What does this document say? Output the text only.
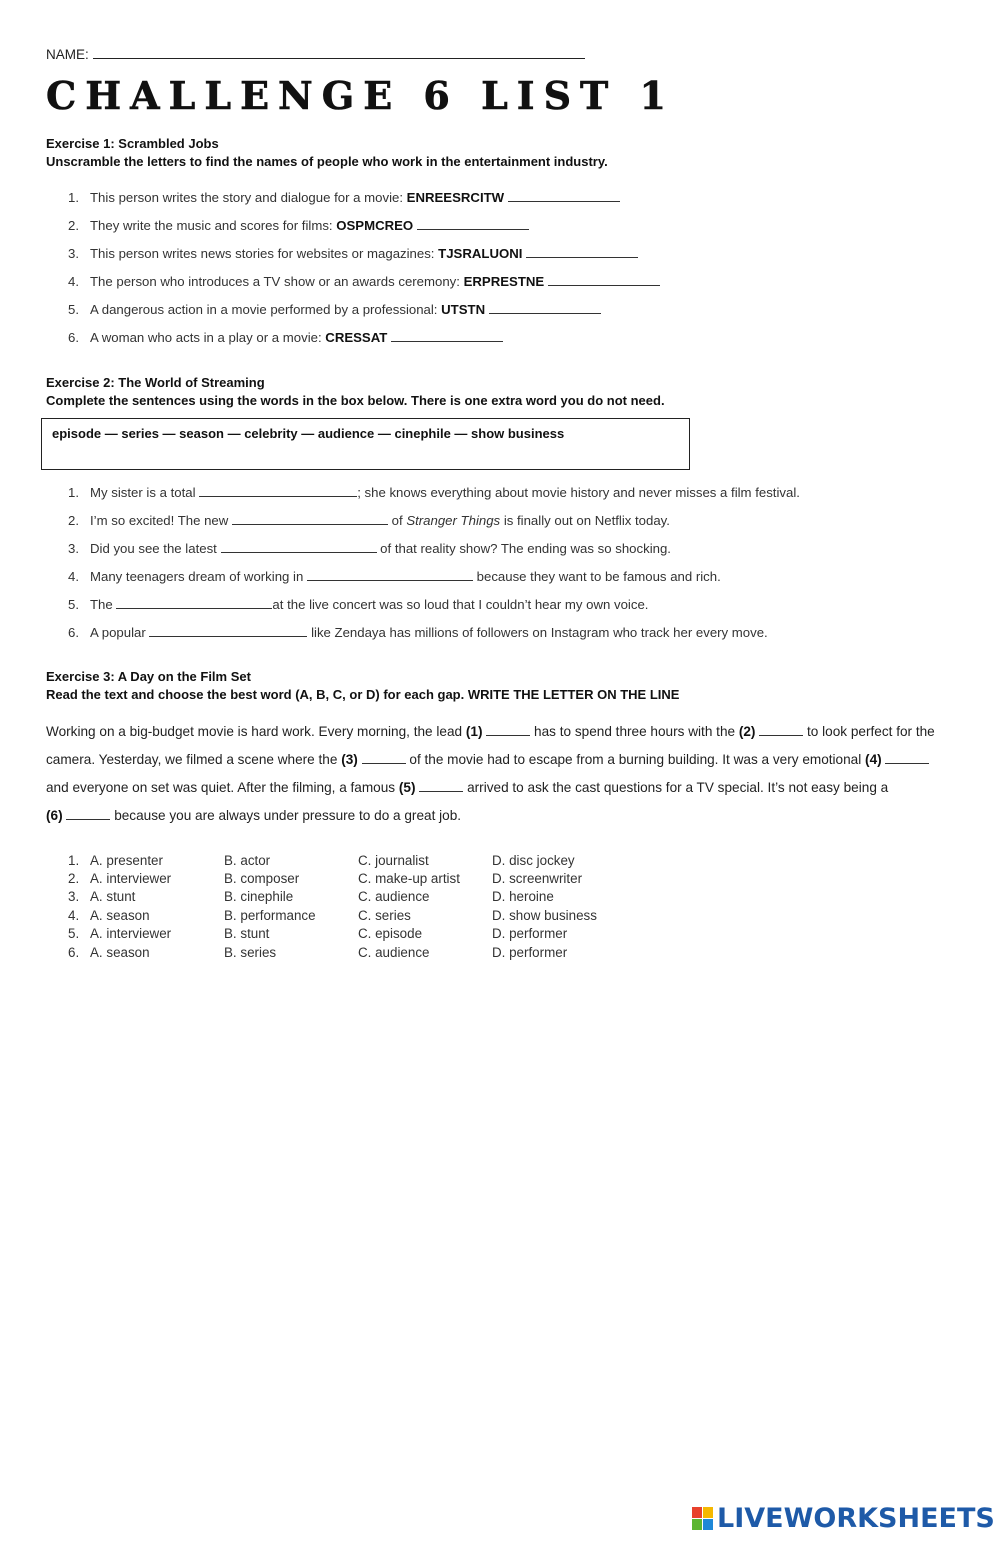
NAME:
CHALLENGE 6 LIST 1
Exercise 1: Scrambled Jobs
Unscramble the letters to find the names of people who work in the entertainment industry.
1. This person writes the story and dialogue for a movie: ENREESRCITW
2. They write the music and scores for films: OSPMCREO
3. This person writes news stories for websites or magazines: TJSRALUONI
4. The person who introduces a TV show or an awards ceremony: ERPRESTNE
5. A dangerous action in a movie performed by a professional: UTSTN
6. A woman who acts in a play or a movie: CRESSAT
Exercise 2: The World of Streaming
Complete the sentences using the words in the box below. There is one extra word you do not need.
episode — series — season — celebrity — audience — cinephile — show business
1. My sister is a total	; she knows everything about movie history and never misses a film festival.
2. I’m so excited! The new	of Stranger Things is finally out on Netflix today.
3. Did you see the latest	of that reality show? The ending was so shocking.
4. Many teenagers dream of working in	because they want to be famous and rich.
5. The	at the live concert was so loud that I couldn’t hear my own voice.
6. A popular	like Zendaya has millions of followers on Instagram who track her every move.
Exercise 3: A Day on the Film Set
Read the text and choose the best word (A, B, C, or D) for each gap. WRITE THE LETTER ON THE LINE
Working on a big-budget movie is hard work. Every morning, the lead (1)	has to spend three hours with the (2)	to look perfect for the
camera. Yesterday, we filmed a scene where the (3)	of the movie had to escape from a burning building. It was a very emotional (4)
and everyone on set was quiet. After the filming, a famous (5)	arrived to ask the cast questions for a TV special. It’s not easy being a
(6)	because you are always under pressure to do a great job.
1. A. presenter	B. actor	C. journalist	D. disc jockey
2. A. interviewer	B. composer	C. make-up artist D. screenwriter
3. A. stunt	B. cinephile	C. audience	D. heroine
4. A. season	B. performance	C. series	D. show business
5. A. interviewer	B. stunt	C. episode	D. performer
6. A. season	B. series	C. audience	D. performer
LIVEWORKSHEETS
